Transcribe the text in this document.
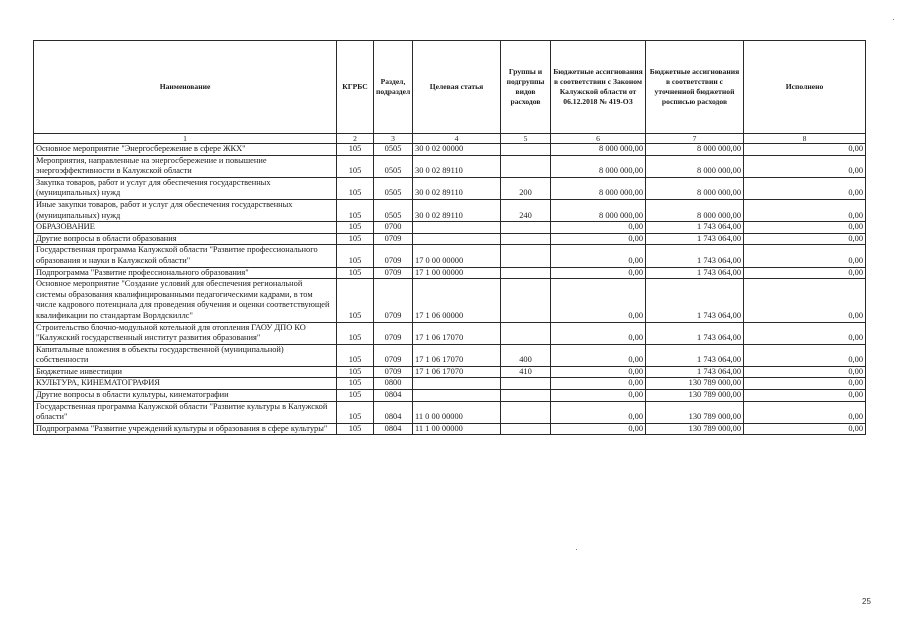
Наименование	КГРБС	Раздел, подраздел	Целевая статья	Группы и подгруппы видов расходов	Бюджетные ассигнования в соответствии с Законом Калужской области от 06.12.2018 № 419-ОЗ	Бюджетные ассигнования в соответствии с уточненной бюджетной росписью расходов	Исполнено
1	2	3	4	5	6	7	8
Основное мероприятие "Энергосбережение в сфере ЖКХ"	105	0505	30 0 02 00000		8 000 000,00	8 000 000,00	0,00
Мероприятия, направленные на энергосбережение и повышение энергоэффективности в Калужской области	105	0505	30 0 02 89110		8 000 000,00	8 000 000,00	0,00
Закупка товаров, работ и услуг для обеспечения государственных (муниципальных) нужд	105	0505	30 0 02 89110	200	8 000 000,00	8 000 000,00	0,00
Иные закупки товаров, работ и услуг для обеспечения государственных (муниципальных) нужд	105	0505	30 0 02 89110	240	8 000 000,00	8 000 000,00	0,00
ОБРАЗОВАНИЕ	105	0700			0,00	1 743 064,00	0,00
Другие вопросы в области образования	105	0709			0,00	1 743 064,00	0,00
Государственная программа Калужской области "Развитие профессионального образования и науки в Калужской области"	105	0709	17 0 00 00000		0,00	1 743 064,00	0,00
Подпрограмма "Развитие профессионального образования"	105	0709	17 1 00 00000		0,00	1 743 064,00	0,00
Основное мероприятие "Создание условий для обеспечения региональной системы образования квалифицированными педагогическими кадрами, в том числе кадрового потенциала для проведения обучения и оценки соответствующей квалификации по стандартам Ворлдскиллс"	105	0709	17 1 06 00000		0,00	1 743 064,00	0,00
Строительство блочно-модульной котельной для отопления ГАОУ ДПО КО "Калужский государственный институт развития образования"	105	0709	17 1 06 17070		0,00	1 743 064,00	0,00
Капитальные вложения в объекты государственной (муниципальной) собственности	105	0709	17 1 06 17070	400	0,00	1 743 064,00	0,00
Бюджетные инвестиции	105	0709	17 1 06 17070	410	0,00	1 743 064,00	0,00
КУЛЬТУРА, КИНЕМАТОГРАФИЯ	105	0800			0,00	130 789 000,00	0,00
Другие вопросы в области культуры, кинематографии	105	0804			0,00	130 789 000,00	0,00
Государственная программа Калужской области "Развитие культуры в Калужской области"	105	0804	11 0 00 00000		0,00	130 789 000,00	0,00
Подпрограмма "Развитие учреждений культуры и образования в сфере культуры"	105	0804	11 1 00 00000		0,00	130 789 000,00	0,00
25
